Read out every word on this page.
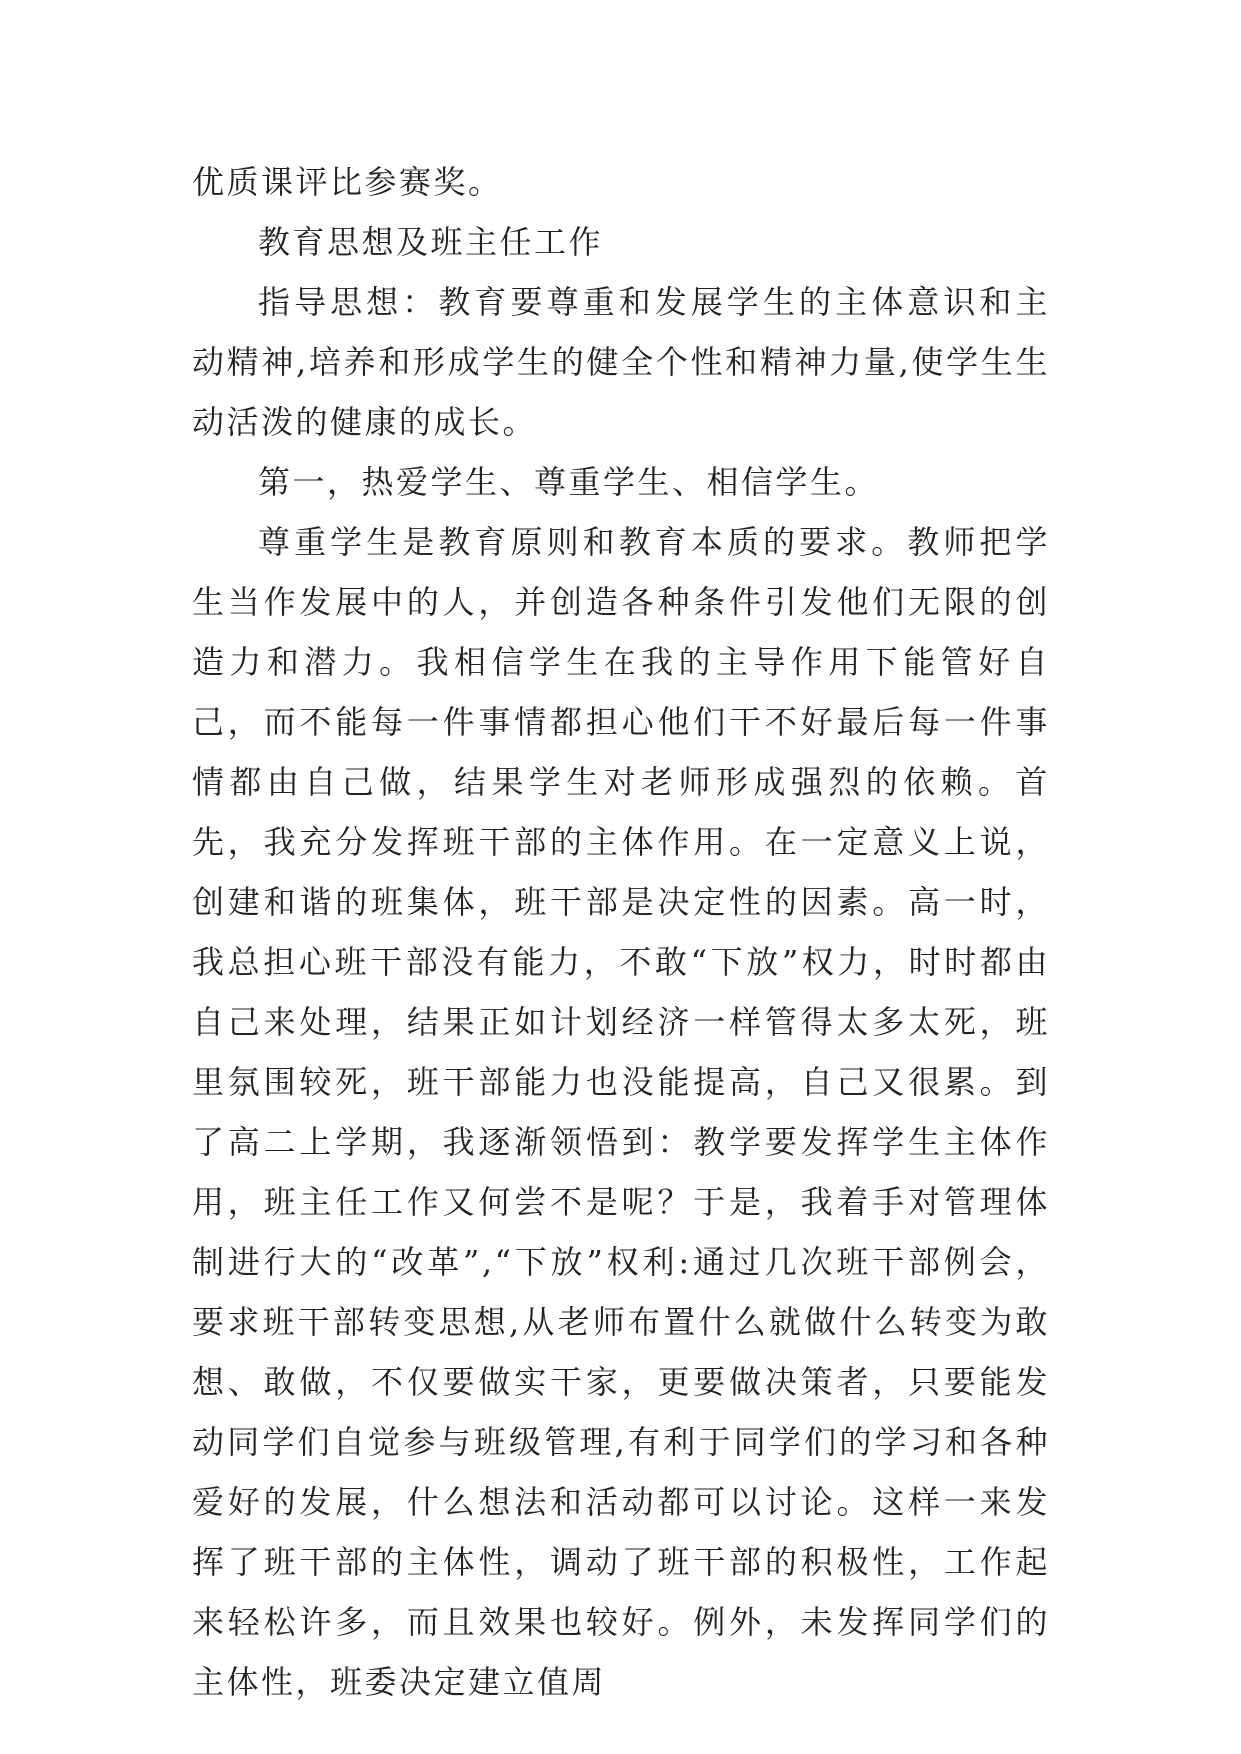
优质课评比参赛奖。

教育思想及班主任工作

指导思想：教育要尊重和发展学生的主体意识和主动精神,培养和形成学生的健全个性和精神力量,使学生生动活泼的健康的成长。

第一，热爱学生、尊重学生、相信学生。

尊重学生是教育原则和教育本质的要求。教师把学生当作发展中的人，并创造各种条件引发他们无限的创造力和潜力。我相信学生在我的主导作用下能管好自己，而不能每一件事情都担心他们干不好最后每一件事情都由自己做，结果学生对老师形成强烈的依赖。首先，我充分发挥班干部的主体作用。在一定意义上说，创建和谐的班集体，班干部是决定性的因素。高一时，我总担心班干部没有能力，不敢“下放”权力，时时都由自己来处理，结果正如计划经济一样管得太多太死，班里氛围较死，班干部能力也没能提高，自己又很累。到了高二上学期，我逐渐领悟到：教学要发挥学生主体作用，班主任工作又何尝不是呢？于是，我着手对管理体制进行大的“改革”,“下放”权利:通过几次班干部例会，要求班干部转变思想,从老师布置什么就做什么转变为敢想、敢做，不仅要做实干家，更要做决策者，只要能发动同学们自觉参与班级管理,有利于同学们的学习和各种爱好的发展，什么想法和活动都可以讨论。这样一来发挥了班干部的主体性，调动了班干部的积极性，工作起来轻松许多，而且效果也较好。例外，未发挥同学们的主体性，班委决定建立值周
